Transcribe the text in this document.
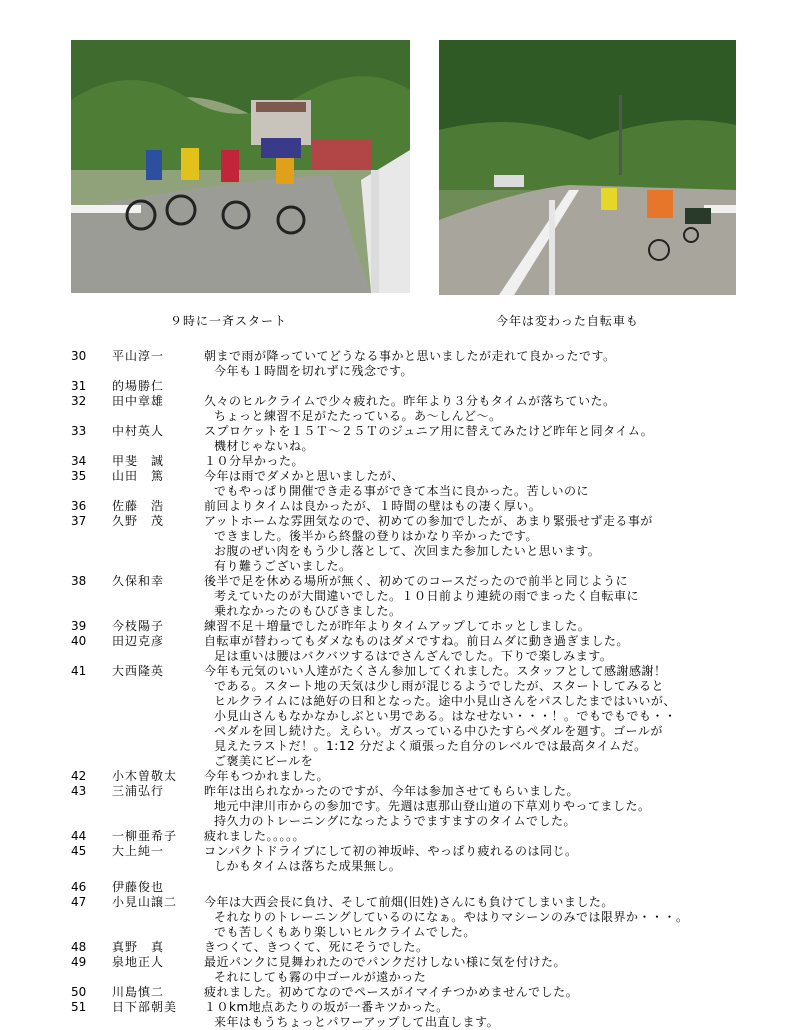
９時に一斉スタート	今年は変わった自転車も
30	平山淳一	朝まで雨が降っていてどうなる事かと思いましたが走れて良かったです。
今年も１時間を切れずに残念です。
31	的場勝仁
32	田中章雄	久々のヒルクライムで少々疲れた。昨年より３分もタイムが落ちていた。
ちょっと練習不足がたたっている。あ～しんど～。
33	中村英人	スプロケットを１５Ｔ～２５Ｔのジュニア用に替えてみたけど昨年と同タイム。
機材じゃないね。
34	甲斐　誠	１０分早かった。
35	山田　篤	今年は雨でダメかと思いましたが、
でもやっぱり開催でき走る事ができて本当に良かった。苦しいのに
36	佐藤　浩	前回よりタイムは良かったが、１時間の壁はもの凄く厚い。
37	久野　茂	アットホームな雰囲気なので、初めての参加でしたが、あまり緊張せず走る事が
できました。後半から終盤の登りはかなり辛かったです。
お腹のぜい肉をもう少し落として、次回また参加したいと思います。
有り難うございました。
38	久保和幸	後半で足を休める場所が無く、初めてのコースだったので前半と同じように
考えていたのが大間違いでした。１０日前より連続の雨でまったく自転車に
乗れなかったのもひびきました。
39	今枝陽子	練習不足＋増量でしたが昨年よりタイムアップしてホッとしました。
40	田辺克彦	自転車が替わってもダメなものはダメですね。前日ムダに動き過ぎました。
足は重いは腰はバクバツするはでさんざんでした。下りで楽しみます。
41	大西隆英	今年も元気のいい人達がたくさん参加してくれました。スタッフとして感謝感謝！
である。スタート地の天気は少し雨が混じるようでしたが、スタートしてみると
ヒルクライムには絶好の日和となった。途中小見山さんをパスしたまではいいが、
小見山さんもなかなかしぶとい男である。はなせない・・・！。でもでもでも・・
ペダルを回し続けた。えらい。ガスっている中ひたすらペダルを廻す。ゴールが
見えたラストだ！。1:12 分だよく頑張った自分のレベルでは最高タイムだ。
ご褒美にビールを
42	小木曽敬太	今年もつかれました。
43	三浦弘行	昨年は出られなかったのですが、今年は参加させてもらいました。
地元中津川市からの参加です。先週は恵那山登山道の下草刈りやってました。
持久力のトレーニングになったようでますますのタイムでした。
44	一柳亜希子	疲れました。。。。。
45	大上純一	コンパクトドライブにして初の神坂峠、やっぱり疲れるのは同じ。
しかもタイムは落ちた成果無し。
46	伊藤俊也
47	小見山譲二	今年は大西会長に負け、そして前畑(旧姓)さんにも負けてしまいました。
それなりのトレーニングしているのになぁ。やはりマシーンのみでは限界か・・・。
でも苦しくもあり楽しいヒルクライムでした。
48	真野　真	きつくて、きつくて、死にそうでした。
49	泉地正人	最近パンクに見舞われたのでパンクだけしない様に気を付けた。
それにしても霧の中ゴールが遠かった
50	川島慎二	疲れました。初めてなのでペースがイマイチつかめませんでした。
51	日下部朝美	１０km地点あたりの坂が一番キツかった。
来年はもうちょっとパワーアップして出直します。
